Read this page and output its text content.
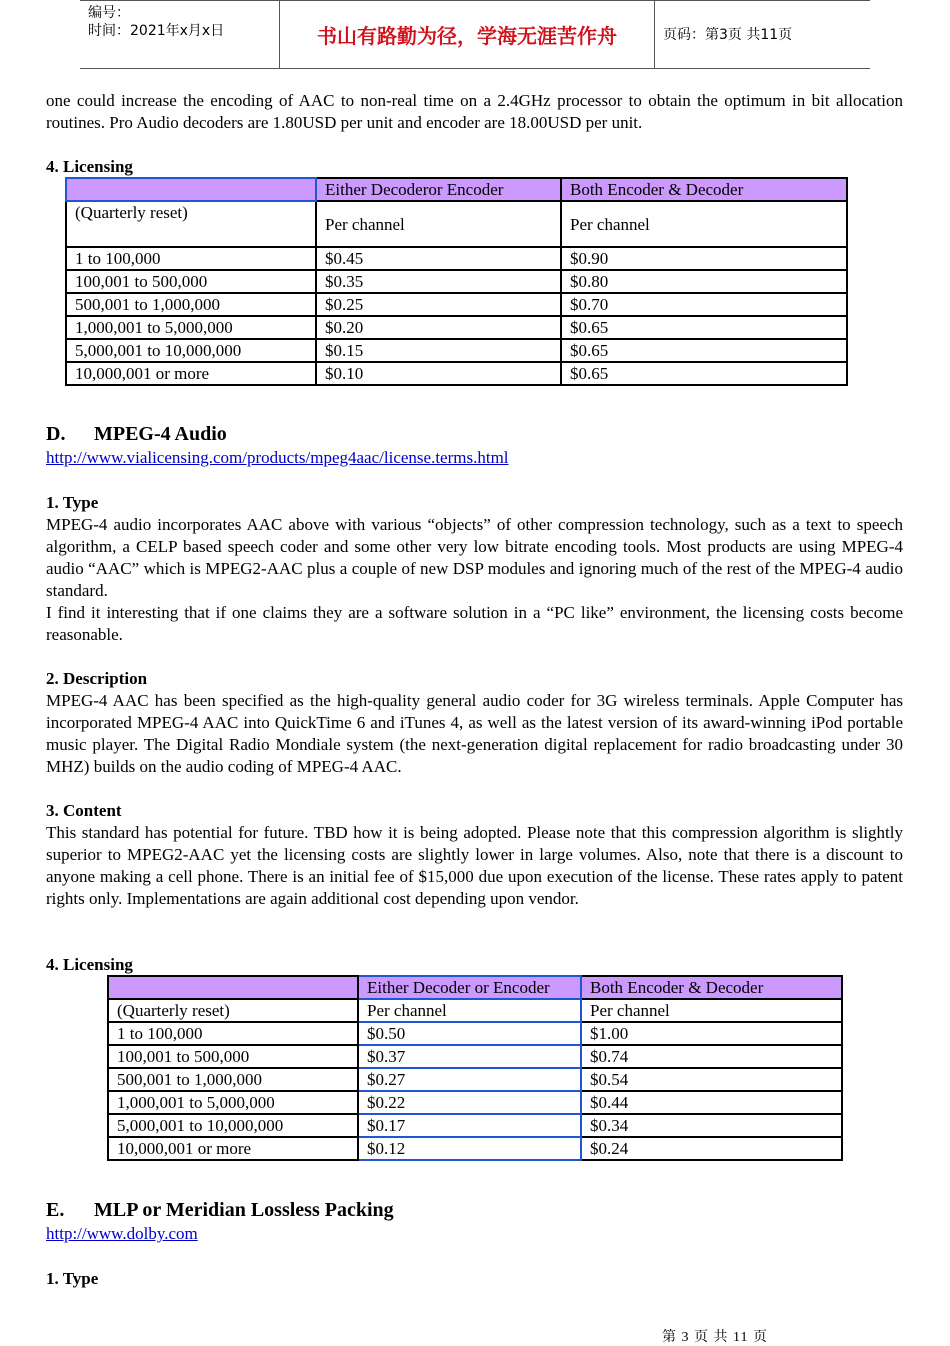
编号：
时间：2021年x月x日	书山有路勤为径，学海无涯苦作舟	页码：第3页 共11页
one could increase the encoding of AAC to non-real time on a 2.4GHz processor to obtain the optimum in bit allocation routines. Pro Audio decoders are 1.80USD per unit and encoder are 18.00USD per unit.
4. Licensing
	Either Decoderor Encoder	Both Encoder & Decoder
(Quarterly reset)	Per channel	Per channel
1 to 100,000	$0.45	$0.90
100,001 to 500,000	$0.35	$0.80
500,001 to 1,000,000	$0.25	$0.70
1,000,001 to 5,000,000	$0.20	$0.65
5,000,001 to 10,000,000	$0.15	$0.65
10,000,001 or more	$0.10	$0.65
D. MPEG-4 Audio
http://www.vialicensing.com/products/mpeg4aac/license.terms.html
1. Type
MPEG-4 audio incorporates AAC above with various “objects” of other compression technology, such as a text to speech algorithm, a CELP based speech coder and some other very low bitrate encoding tools. Most products are using MPEG-4 audio “AAC” which is MPEG2-AAC plus a couple of new DSP modules and ignoring much of the rest of the MPEG-4 audio standard.
I find it interesting that if one claims they are a software solution in a “PC like” environment, the licensing costs become reasonable.
2. Description
MPEG-4 AAC has been specified as the high-quality general audio coder for 3G wireless terminals. Apple Computer has incorporated MPEG-4 AAC into QuickTime 6 and iTunes 4, as well as the latest version of its award-winning iPod portable music player. The Digital Radio Mondiale system (the next-generation digital replacement for radio broadcasting under 30 MHZ) builds on the audio coding of MPEG-4 AAC.
3. Content
This standard has potential for future. TBD how it is being adopted. Please note that this compression algorithm is slightly superior to MPEG2-AAC yet the licensing costs are slightly lower in large volumes. Also, note that there is a discount to anyone making a cell phone. There is an initial fee of $15,000 due upon execution of the license. These rates apply to patent rights only. Implementations are again additional cost depending upon vendor.
4. Licensing
	Either Decoder or Encoder	Both Encoder & Decoder
(Quarterly reset)	Per channel	Per channel
1 to 100,000	$0.50	$1.00
100,001 to 500,000	$0.37	$0.74
500,001 to 1,000,000	$0.27	$0.54
1,000,001 to 5,000,000	$0.22	$0.44
5,000,001 to 10,000,000	$0.17	$0.34
10,000,001 or more	$0.12	$0.24
E. MLP or Meridian Lossless Packing
http://www.dolby.com
1. Type
第 3 页 共 11 页
